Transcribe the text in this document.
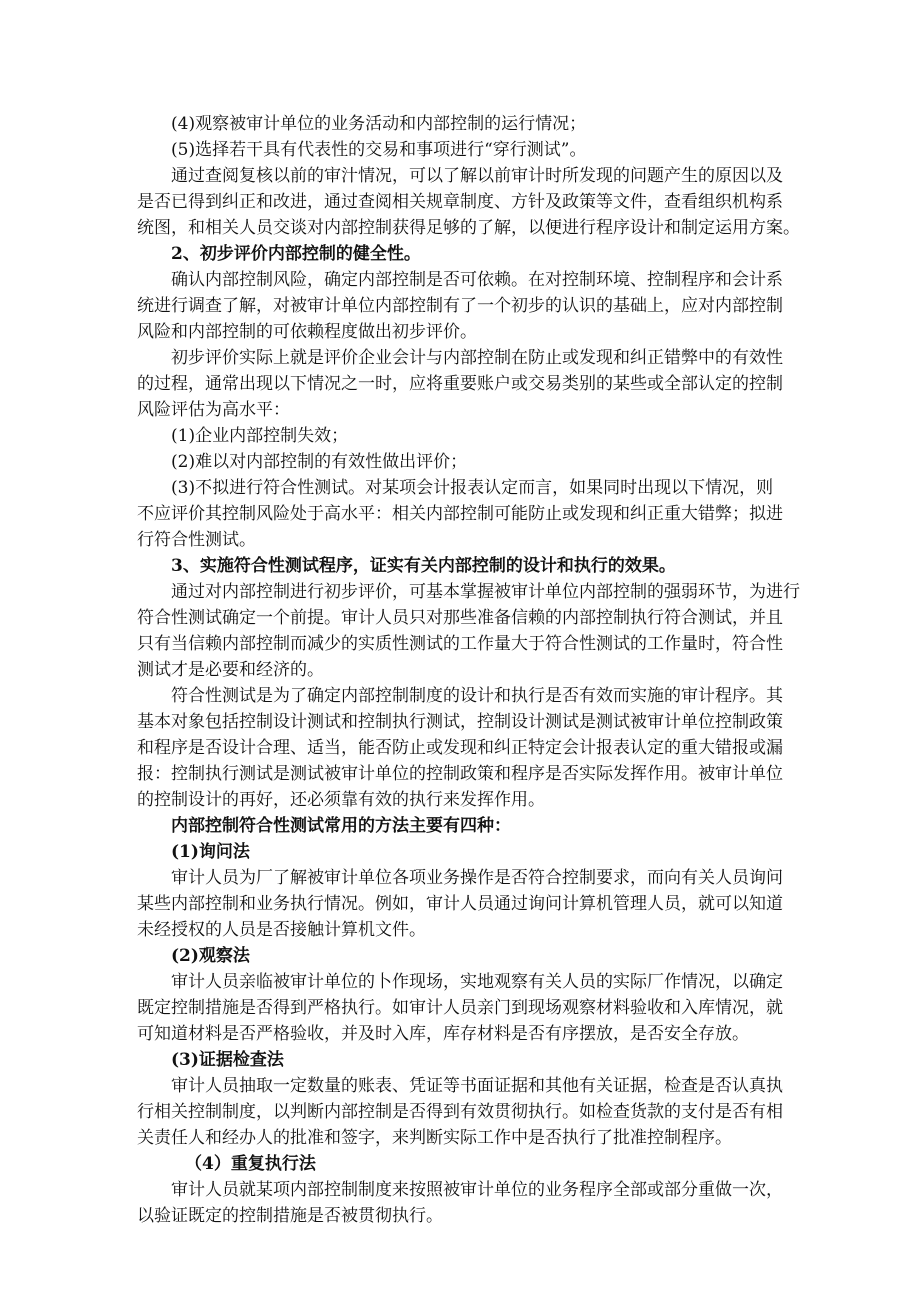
(4)观察被审计单位的业务活动和内部控制的运行情况；
(5)选择若干具有代表性的交易和事项进行“穿行测试”。
通过查阅复核以前的审汁情况，可以了解以前审计时所发现的问题产生的原因以及
是否已得到纠正和改进，通过查阅相关规章制度、方针及政策等文件，查看组织机构系
统图，和相关人员交谈对内部控制获得足够的了解，以便进行程序设计和制定运用方案。
2、初步评价内部控制的健全性。
确认内部控制风险，确定内部控制是否可依赖。在对控制环境、控制程序和会计系
统进行调查了解，对被审计单位内部控制有了一个初步的认识的基础上，应对内部控制
风险和内部控制的可依赖程度做出初步评价。
初步评价实际上就是评价企业会计与内部控制在防止或发现和纠正错弊中的有效性
的过程，通常出现以下情况之一时，应将重要账户或交易类别的某些或全部认定的控制
风险评估为高水平：
(1)企业内部控制失效；
(2)难以对内部控制的有效性做出评价；
(3)不拟进行符合性测试。对某项会计报表认定而言，如果同时出现以下情况，则
不应评价其控制风险处于高水平：相关内部控制可能防止或发现和纠正重大错弊；拟进
行符合性测试。
3、实施符合性测试程序，证实有关内部控制的设计和执行的效果。
通过对内部控制进行初步评价，可基本掌握被审计单位内部控制的强弱环节，为进行
符合性测试确定一个前提。审计人员只对那些准备信赖的内部控制执行符合测试，并且
只有当信赖内部控制而减少的实质性测试的工作量大于符合性测试的工作量时，符合性
测试才是必要和经济的。
符合性测试是为了确定内部控制制度的设计和执行是否有效而实施的审计程序。其
基本对象包括控制设计测试和控制执行测试，控制设计测试是测试被审计单位控制政策
和程序是否设计合理、适当，能否防止或发现和纠正特定会计报表认定的重大错报或漏
报：控制执行测试是测试被审计单位的控制政策和程序是否实际发挥作用。被审计单位
的控制设计的再好，还必须靠有效的执行来发挥作用。
内部控制符合性测试常用的方法主要有四种：
(1)询问法
审计人员为厂了解被审计单位各项业务操作是否符合控制要求，而向有关人员询问
某些内部控制和业务执行情况。例如，审计人员通过询问计算机管理人员，就可以知道
未经授权的人员是否接触计算机文件。
(2)观察法
审计人员亲临被审计单位的卜作现场，实地观察有关人员的实际厂作情况，以确定
既定控制措施是否得到严格执行。如审计人员亲门到现场观察材料验收和入库情况，就
可知道材料是否严格验收，并及时入库，库存材料是否有序摆放，是否安全存放。
(3)证据检查法
审计人员抽取一定数量的账表、凭证等书面证据和其他有关证据，检查是否认真执
行相关控制制度，以判断内部控制是否得到有效贯彻执行。如检查货款的支付是否有相
关责任人和经办人的批准和签字，来判断实际工作中是否执行了批准控制程序。
（4）重复执行法
审计人员就某项内部控制制度来按照被审计单位的业务程序全部或部分重做一次，
以验证既定的控制措施是否被贯彻执行。
